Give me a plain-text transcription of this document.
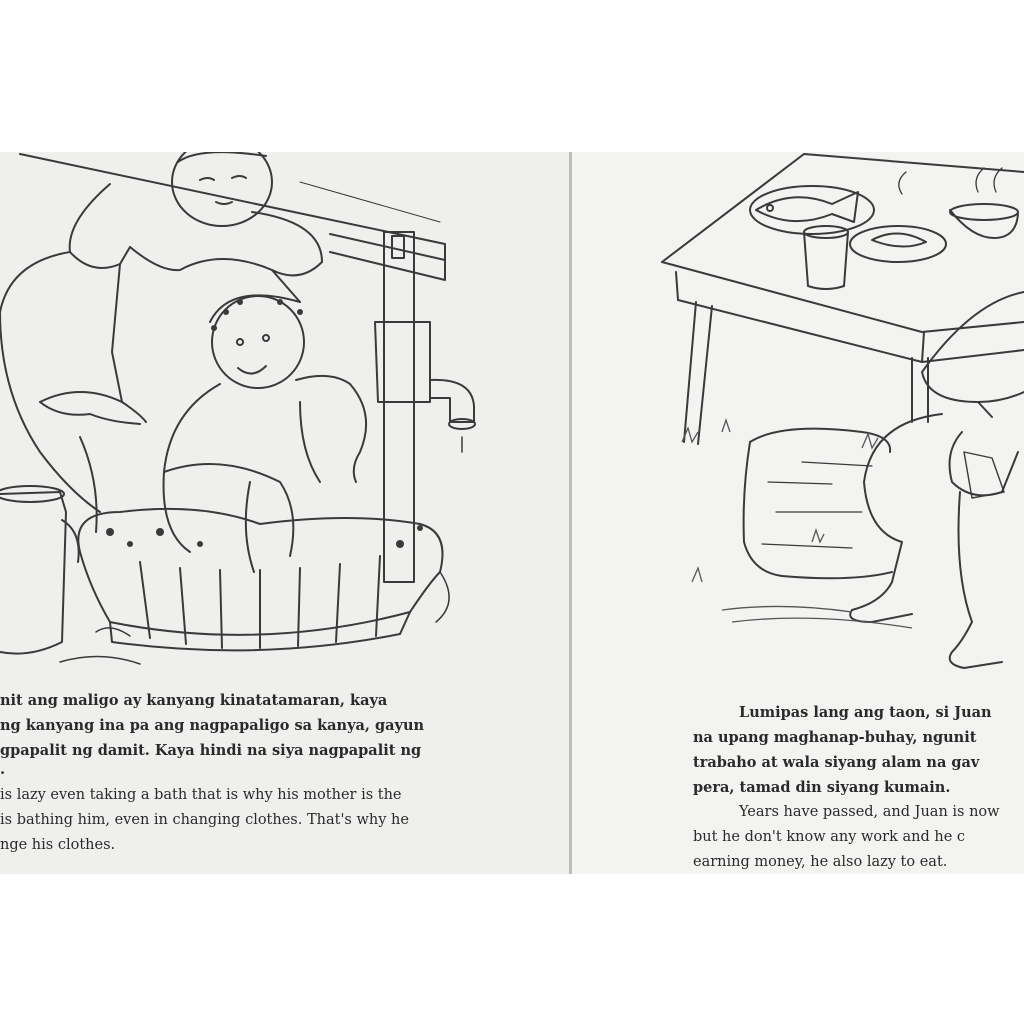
nit ang maligo ay kanyang kinatatamaran, kaya

ng kanyang ina pa ang nagpapaligo sa kanya, gayun

gpapalit ng damit. Kaya hindi na siya nagpapalit ng

.

is lazy even taking a bath that is why his mother is the

is bathing him, even in changing clothes. That's why he

nge his clothes.

Lumipas lang ang taon, si Juan

na upang maghanap-buhay, ngunit

trabaho at wala siyang alam na gav

pera, tamad din siyang kumain.

Years have passed, and Juan is now

but he don't know any work and he c

earning money, he also lazy to eat.
